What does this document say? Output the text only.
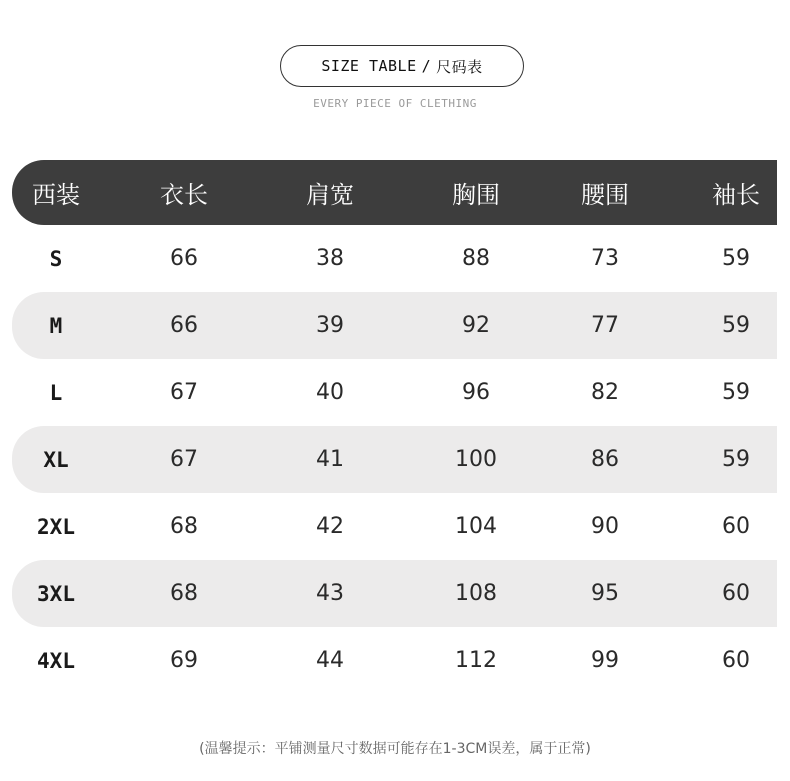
SIZE TABLE / 尺码表
EVERY PIECE OF CLETHING
西装	衣长	肩宽	胸围	腰围	袖长
S	66	38	88	73	59
M	66	39	92	77	59
L	67	40	96	82	59
XL	67	41	100	86	59
2XL	68	42	104	90	60
3XL	68	43	108	95	60
4XL	69	44	112	99	60
(温馨提示：平铺测量尺寸数据可能存在1-3CM误差，属于正常)
